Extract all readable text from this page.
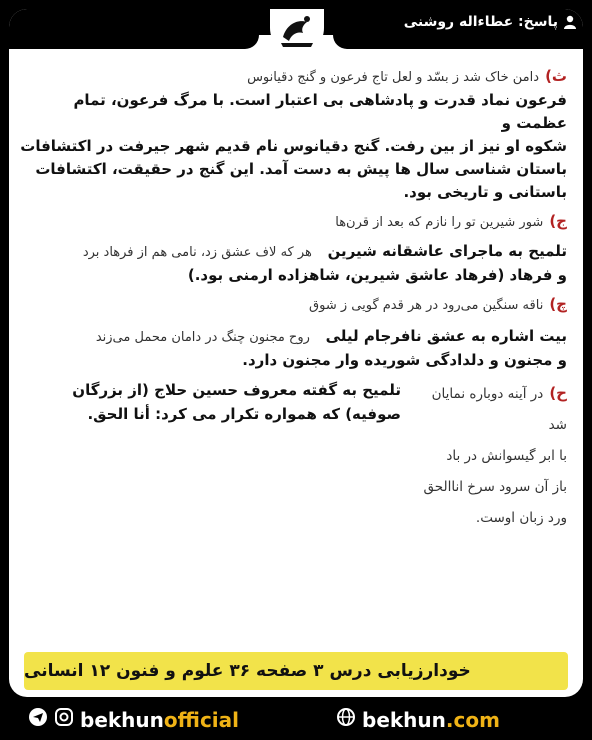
پاسخ: عطاءاله روشنی

ث)دامن خاک شد ز بسّد و لعل تاج فرعون و گنج دقیانوس

فرعون نماد قدرت و پادشاهی بی اعتبار است. با مرگ فرعون، تمام عظمت و

شکوه او نیز از بین رفت. گنج دقیانوس نام قدیم شهر جیرفت در اکتشافات

باستان شناسی سال ها پیش به دست آمد. این گنج در حقیقت، اکتشافات

باستانی و تاریخی بود.

ج)شور شیرین تو را نازم که بعد از قرن‌ها

تلمیح به ماجرای عاشقانه شیرین   هر که لاف عشق زد، نامی هم از فرهاد برد

و فرهاد (فرهاد عاشق شیرین، شاهزاده ارمنی بود.)

چ)ناقه سنگین می‌رود در هر قدم گویی ز شوق

بیت اشاره به عشق نافرجام لیلی   روح مجنون چنگ در دامان محمل می‌زند

و مجنون و دلدادگی شوریده وار مجنون دارد.

ح)در آینه دوباره نمایان شد
با ابر گیسوانش در باد
باز آن سرود سرخ اناالحق
ورد زبان اوست.
تلمیح به گفته معروف حسین حلاج (از بزرگان صوفیه) که همواره تکرار می کرد: أنا الحق.
خودارزیابی درس ۳ صفحه ۳۶ علوم و فنون ۱۲ انسانی
bekhunofficial	bekhun.com
